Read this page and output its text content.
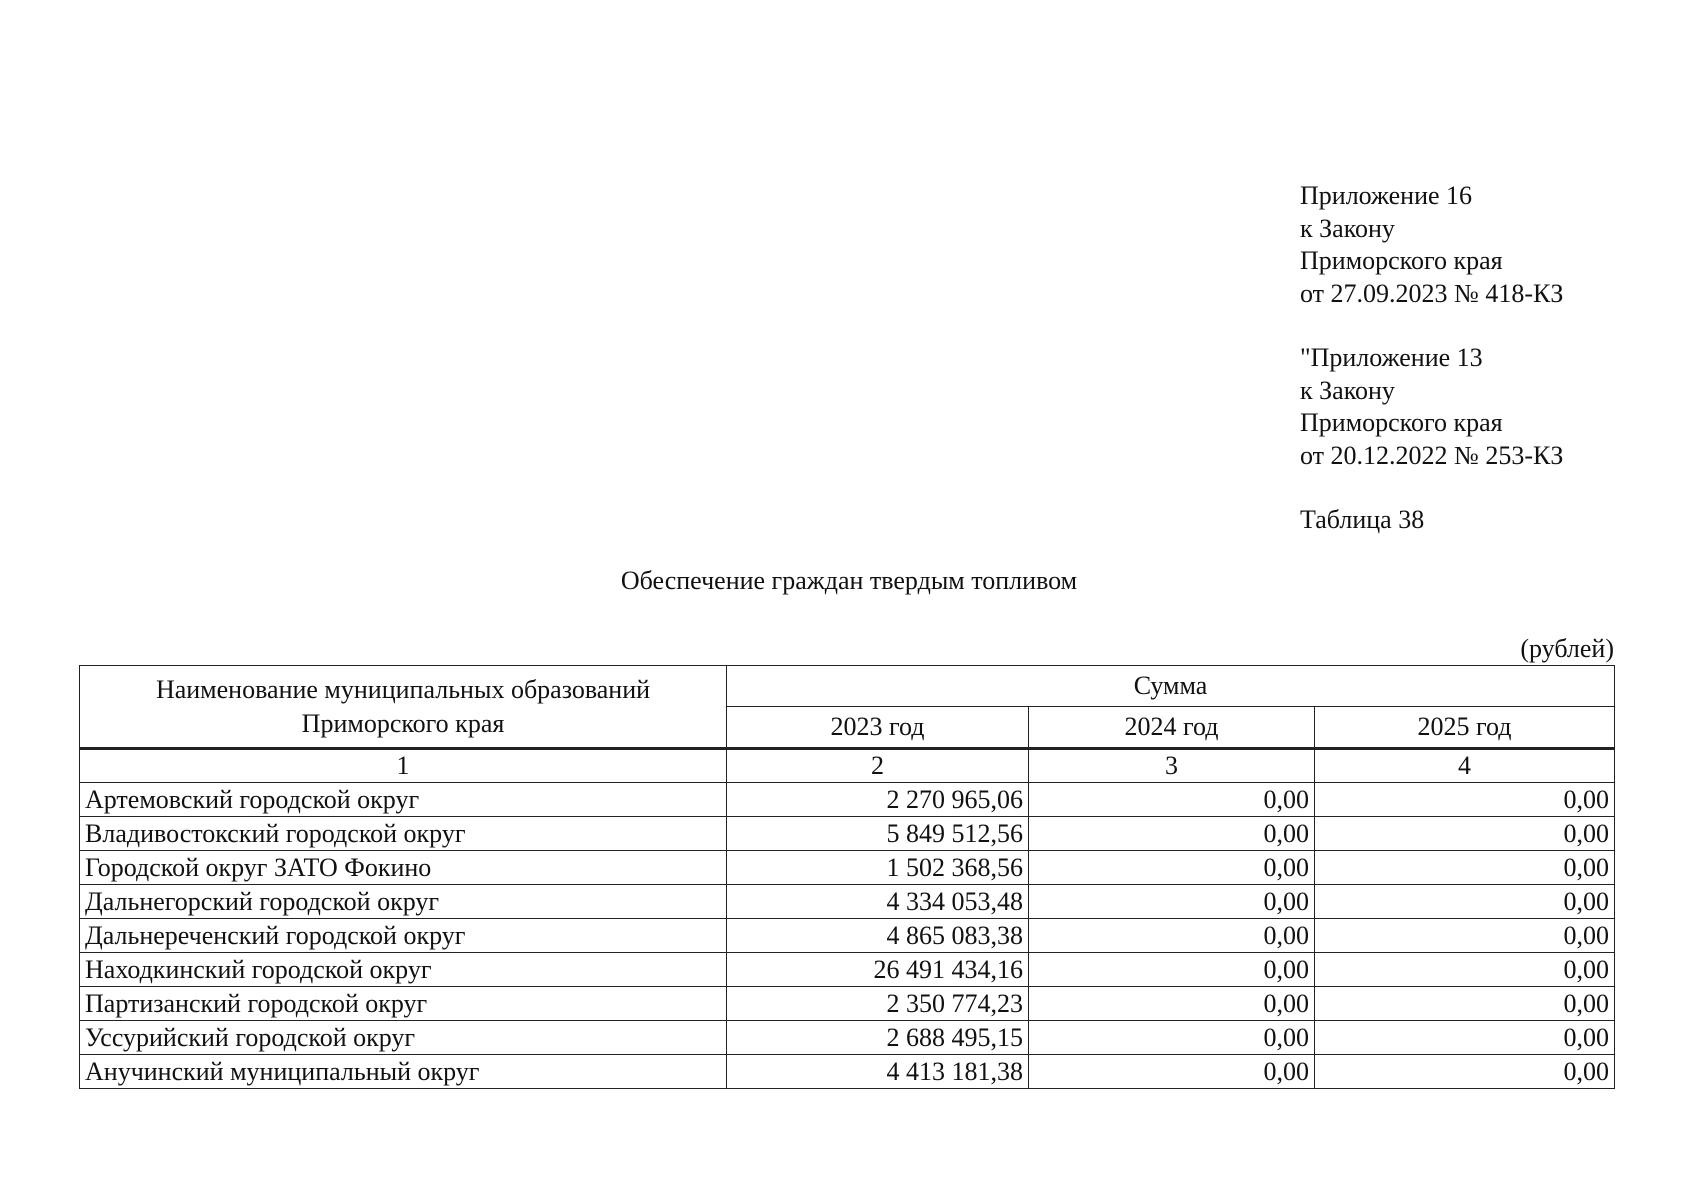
Приложение 16
к Закону
Приморского края
от 27.09.2023 № 418-КЗ
"Приложение 13
к Закону
Приморского края
от 20.12.2022 № 253-КЗ
Таблица 38
Обеспечение граждан твердым топливом
(рублей)
Наименование муниципальных образований Приморского края	Сумма		
	2023 год	2024 год	2025 год
1	2	3	4
Артемовский городской округ	2 270 965,06	0,00	0,00
Владивостокский городской округ	5 849 512,56	0,00	0,00
Городской округ ЗАТО Фокино	1 502 368,56	0,00	0,00
Дальнегорский городской округ	4 334 053,48	0,00	0,00
Дальнереченский городской округ	4 865 083,38	0,00	0,00
Находкинский городской округ	26 491 434,16	0,00	0,00
Партизанский городской округ	2 350 774,23	0,00	0,00
Уссурийский городской округ	2 688 495,15	0,00	0,00
Анучинский муниципальный округ	4 413 181,38	0,00	0,00
